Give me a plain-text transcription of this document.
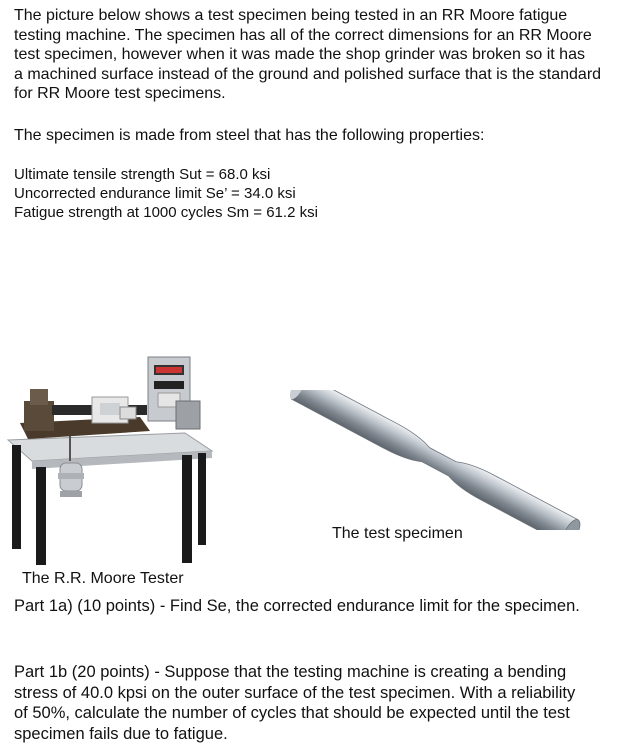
The picture below shows a test specimen being tested in an RR Moore fatigue
testing machine. The specimen has all of the correct dimensions for an RR Moore
test specimen, however when it was made the shop grinder was broken so it has
a machined surface instead of the ground and polished surface that is the standard
for RR Moore test specimens.
The specimen is made from steel that has the following properties:
Ultimate tensile strength Sut = 68.0 ksi
Uncorrected endurance limit Se’ = 34.0 ksi
Fatigue strength at 1000 cycles Sm = 61.2 ksi
The test specimen
The R.R. Moore Tester
Part 1a) (10 points) - Find Se, the corrected endurance limit for the specimen.
Part 1b (20 points) - Suppose that the testing machine is creating a bending
stress of 40.0 kpsi on the outer surface of the test specimen. With a reliability
of 50%, calculate the number of cycles that should be expected until the test
specimen fails due to fatigue.
